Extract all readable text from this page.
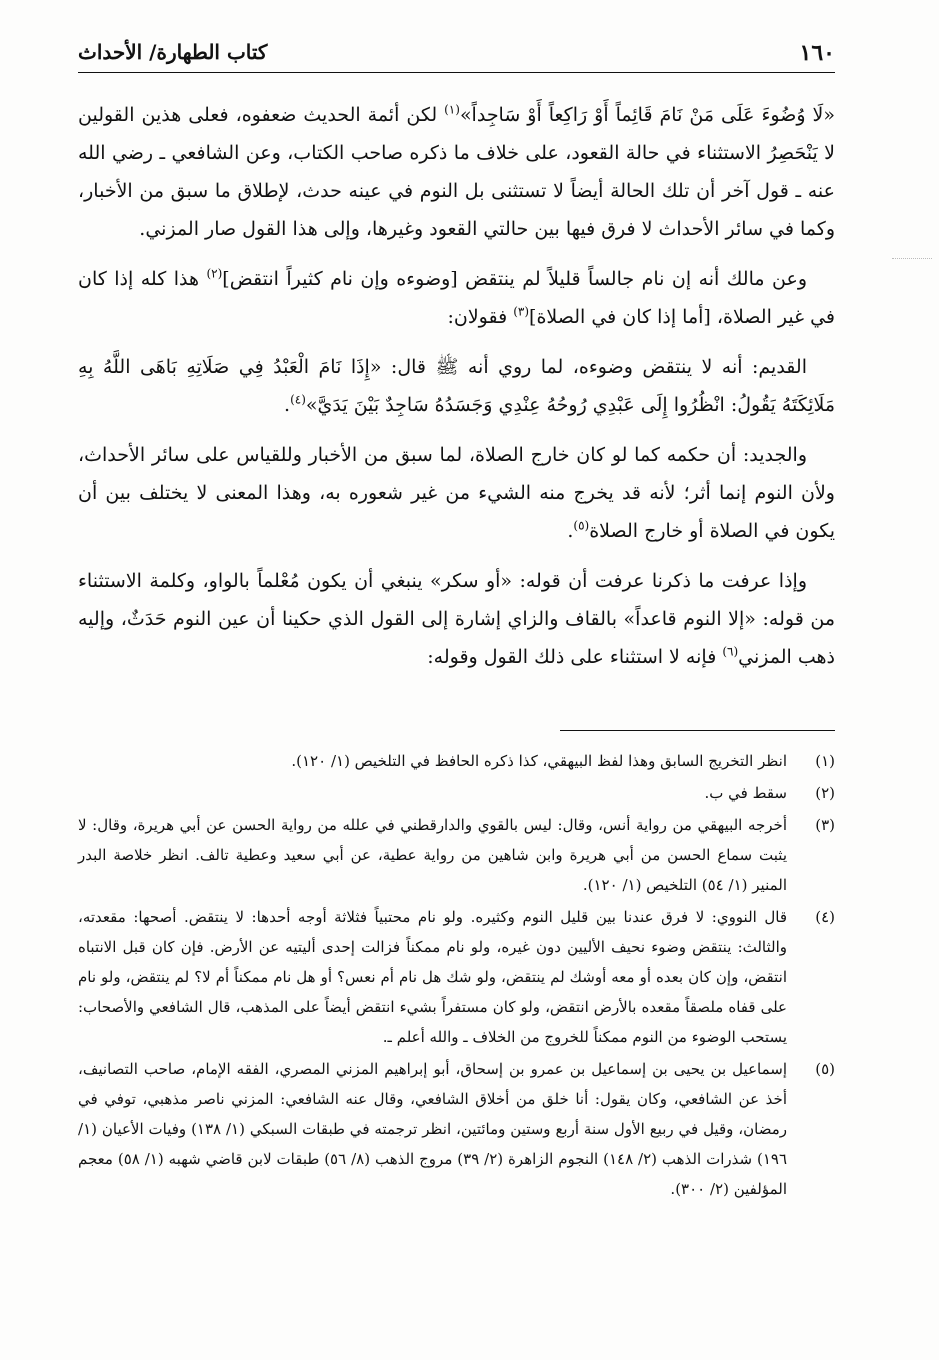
١٦٠
كتاب الطهارة/ الأحداث

«لَا وُضُوءَ عَلَى مَنْ نَامَ قَائِماً أَوْ رَاكِعاً أَوْ سَاجِداً»$^{(١)}$ لكن أئمة الحديث ضعفوه، فعلى هذين القولين لا يَنْحَصِرُ الاستثناء في حالة القعود، على خلاف ما ذكره صاحب الكتاب، وعن الشافعي ـ رضي الله عنه ـ قول آخر أن تلك الحالة أيضاً لا تستثنى بل النوم في عينه حدث، لإطلاق ما سبق من الأخبار، وكما في سائر الأحداث لا فرق فيها بين حالتي القعود وغيرها، وإلى هذا القول صار المزني.

وعن مالك أنه إن نام جالساً قليلاً لم ينتقض [وضوءه وإن نام كثيراً انتقض]$^{(٢)}$ هذا كله إذا كان في غير الصلاة، [أما إذا كان في الصلاة]$^{(٣)}$ فقولان:

القديم: أنه لا ينتقض وضوءه، لما روي أنه ﷺ قال: «إِذَا نَامَ الْعَبْدُ فِي صَلَاتِهِ بَاهَى اللَّهُ بِهِ مَلَائِكَتَهُ يَقُولُ: انْظُرُوا إِلَى عَبْدِي رُوحُهُ عِنْدِي وَجَسَدُهُ سَاجِدٌ بَيْنَ يَدَيَّ»$^{(٤)}$.

والجديد: أن حكمه كما لو كان خارج الصلاة، لما سبق من الأخبار وللقياس على سائر الأحداث، ولأن النوم إنما أثر؛ لأنه قد يخرج منه الشيء من غير شعوره به، وهذا المعنى لا يختلف بين أن يكون في الصلاة أو خارج الصلاة$^{(٥)}$.

وإذا عرفت ما ذكرنا عرفت أن قوله: «أو سكر» ينبغي أن يكون مُعْلماً بالواو، وكلمة الاستثناء من قوله: «إلا النوم قاعداً» بالقاف والزاي إشارة إلى القول الذي حكينا أن عين النوم حَدَثٌ، وإليه ذهب المزني$^{(٦)}$ فإنه لا استثناء على ذلك القول وقوله:

(١)
انظر التخريج السابق وهذا لفظ البيهقي، كذا ذكره الحافظ في التلخيص (١/ ١٢٠).
(٢)
سقط في ب.
(٣)
أخرجه البيهقي من رواية أنس، وقال: ليس بالقوي والدارقطني في علله من رواية الحسن عن أبي هريرة، وقال: لا يثبت سماع الحسن من أبي هريرة وابن شاهين من رواية عطية، عن أبي سعيد وعطية تالف. انظر خلاصة البدر المنير (١/ ٥٤) التلخيص (١/ ١٢٠).
(٤)
قال النووي: لا فرق عندنا بين قليل النوم وكثيره. ولو نام محتبياً فثلاثة أوجه أحدها: لا ينتقض. أصحها: مقعدته، والثالث: ينتقض وضوء نحيف الأليين دون غيره، ولو نام ممكناً فزالت إحدى أليتيه عن الأرض. فإن كان قبل الانتباه انتقض، وإن كان بعده أو معه أوشك لم ينتقض، ولو شك هل نام أم نعس؟ أو هل نام ممكناً أم لا؟ لم ينتقض، ولو نام على قفاه ملصقاً مقعده بالأرض انتقض، ولو كان مستفراً بشيء انتقض أيضاً على المذهب، قال الشافعي والأصحاب: يستحب الوضوء من النوم ممكناً للخروج من الخلاف ـ والله أعلم ـ.
(٥)
إسماعيل بن يحيى بن إسماعيل بن عمرو بن إسحاق، أبو إبراهيم المزني المصري، الفقه الإمام، صاحب التصانيف، أخذ عن الشافعي، وكان يقول: أنا خلق من أخلاق الشافعي، وقال عنه الشافعي: المزني ناصر مذهبي، توفي في رمضان، وقيل في ربيع الأول سنة أربع وستين ومائتين، انظر ترجمته في طبقات السبكي (١/ ١٣٨) وفيات الأعيان (١/ ١٩٦) شذرات الذهب (٢/ ١٤٨) النجوم الزاهرة (٢/ ٣٩) مروج الذهب (٨/ ٥٦) طبقات لابن قاضي شهبه (١/ ٥٨) معجم المؤلفين (٢/ ٣٠٠).
